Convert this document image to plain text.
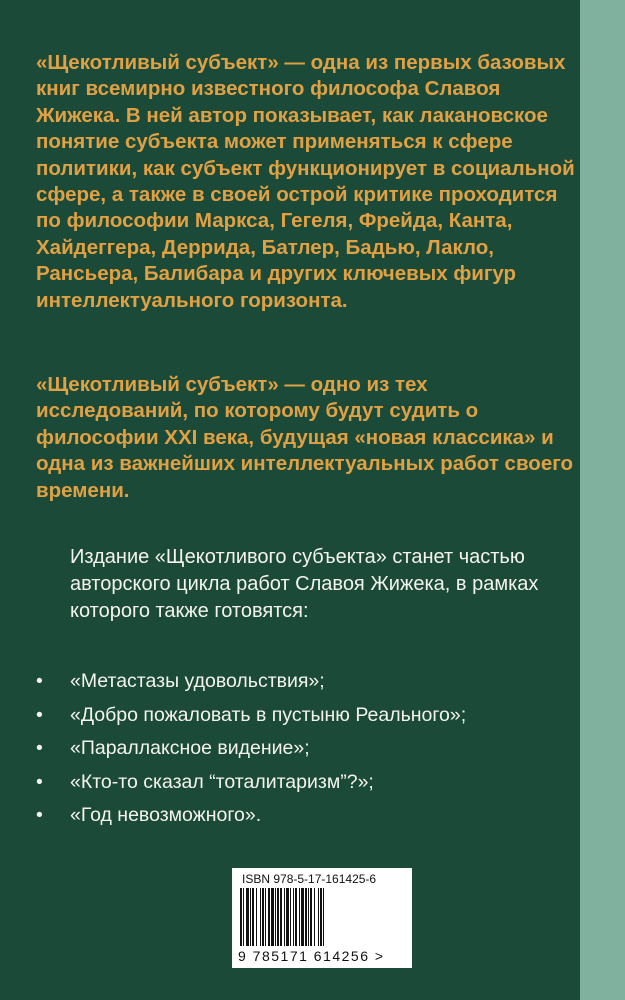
«Щекотливый субъект» — одна из первых базовых книг всемирно известного философа Славоя Жижека. В ней автор показывает, как лакановское понятие субъекта может применяться к сфере политики, как субъект функционирует в социальной сфере, а также в своей острой критике проходится по философии Маркса, Гегеля, Фрейда, Канта, Хайдеггера, Деррида, Батлер, Бадью, Лакло, Рансьера, Балибара и других ключевых фигур интеллектуального горизонта.

«Щекотливый субъект» — одно из тех исследований, по которому будут судить о философии XXI века, будущая «новая классика» и одна из важнейших интеллектуальных работ своего времени.

Издание «Щекотливого субъекта» станет частью авторского цикла работ Славоя Жижека, в рамках которого также готовятся:

• «Метастазы удовольствия»;
• «Добро пожаловать в пустыню Реального»;
• «Параллаксное видение»;
• «Кто-то сказал “тоталитаризм”?»;
• «Год невозможного».
ISBN 978-5-17-161425-6
9 785171 614256 >
